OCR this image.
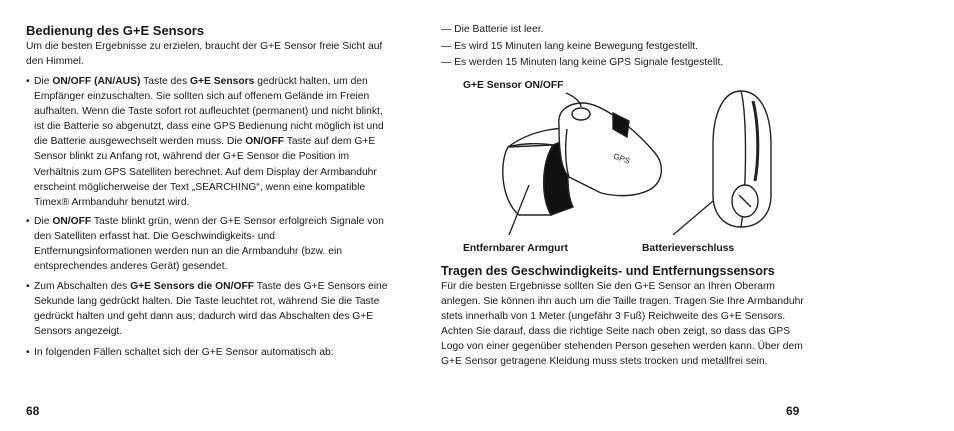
Bedienung des G+E Sensors

Um die besten Ergebnisse zu erzielen, braucht der G+E Sensor freie Sicht auf den Himmel.

• Die ON/OFF (AN/AUS) Taste des G+E Sensors gedrückt halten, um den Empfänger einzuschalten. Sie sollten sich auf offenem Gelände im Freien aufhalten. Wenn die Taste sofort rot aufleuchtet (permanent) und nicht blinkt, ist die Batterie so abgenutzt, dass eine GPS Bedienung nicht möglich ist und die Batterie ausgewechselt werden muss. Die ON/OFF Taste auf dem G+E Sensor blinkt zu Anfang rot, während der G+E Sensor die Position im Verhältnis zum GPS Satelliten berechnet. Auf dem Display der Armbanduhr erscheint möglicherweise der Text „SEARCHING“, wenn eine kompatible Timex® Armbanduhr benutzt wird.

• Die ON/OFF Taste blinkt grün, wenn der G+E Sensor erfolgreich Signale von den Satelliten erfasst hat. Die Geschwindigkeits- und Entfernungsinformationen werden nun an die Armbanduhr (bzw. ein entsprechendes anderes Gerät) gesendet.

• Zum Abschalten des G+E Sensors die ON/OFF Taste des G+E Sensors eine Sekunde lang gedrückt halten. Die Taste leuchtet rot, während Sie die Taste gedrückt halten und geht dann aus; dadurch wird das Abschalten des G+E Sensors angezeigt.

• In folgenden Fällen schaltet sich der G+E Sensor automatisch ab:

68

— Die Batterie ist leer.

— Es wird 15 Minuten lang keine Bewegung festgestellt.

— Es werden 15 Minuten lang keine GPS Signale festgestellt.

G+E Sensor ON/OFF
Entfernbarer Armgurt	Batterieverschluss
GPS
Tragen des Geschwindigkeits- und Entfernungssensors

Für die besten Ergebnisse sollten Sie den G+E Sensor an Ihren Oberarm anlegen. Sie können ihn auch um die Taille tragen. Tragen Sie Ihre Armbanduhr stets innerhalb von 1 Meter (ungefähr 3 Fuß) Reichweite des G+E Sensors. Achten Sie darauf, dass die richtige Seite nach oben zeigt, so dass das GPS Logo von einer gegenüber stehenden Person gesehen werden kann. Über dem G+E Sensor getragene Kleidung muss stets trocken und metallfrei sein.

69
